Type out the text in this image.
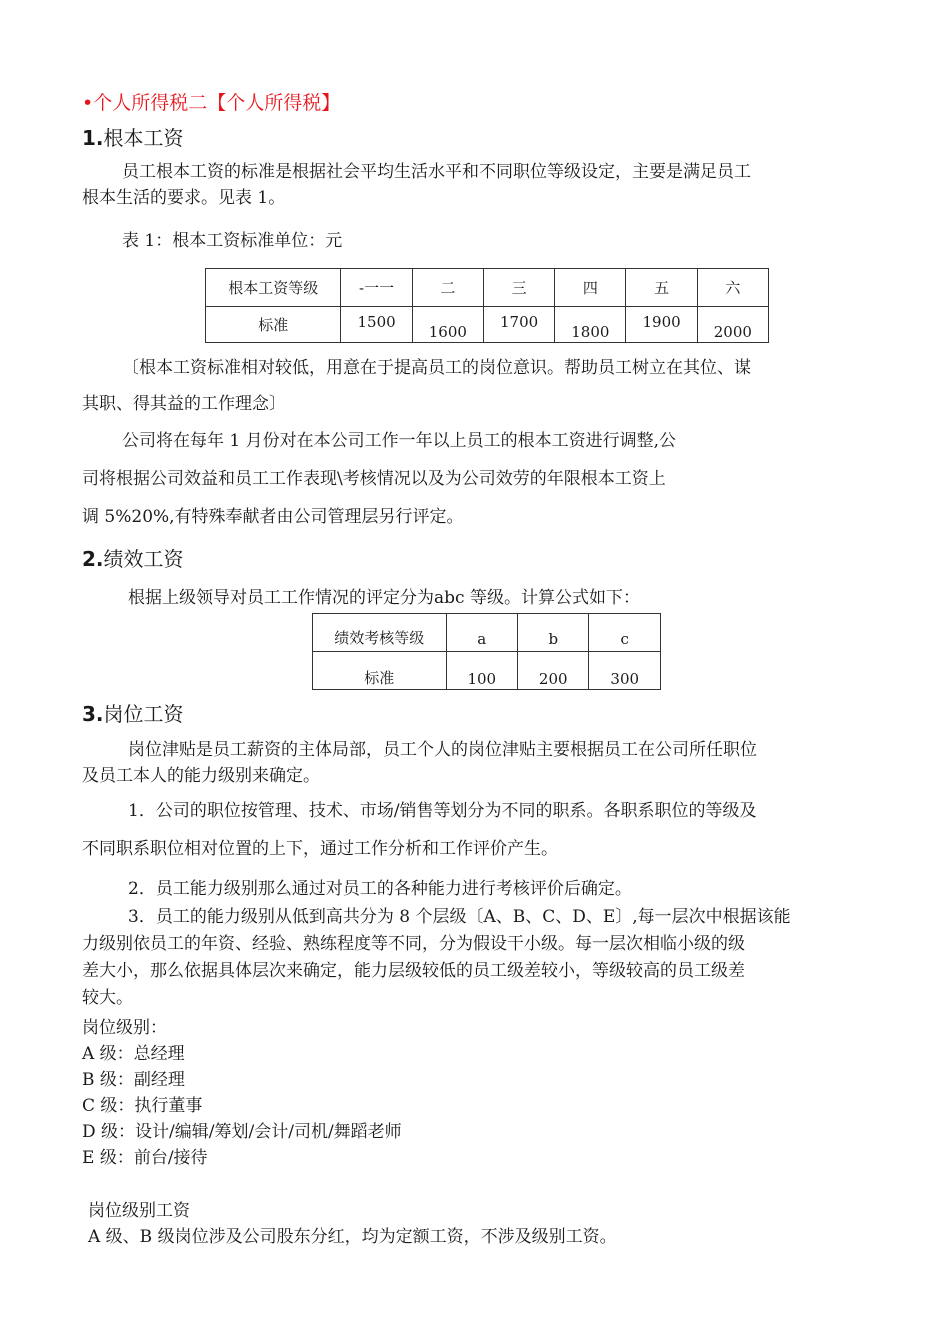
•个人所得税二【个人所得税】
1.根本工资
员工根本工资的标准是根据社会平均生活水平和不同职位等级设定，主要是满足员工
根本生活的要求。见表 1。
表 1：根本工资标准单位：元
根本工资等级	-一一	二	三	四	五	六
标准	1500	1600	1700	1800	1900	2000
〔根本工资标准相对较低，用意在于提高员工的岗位意识。帮助员工树立在其位、谋
其职、得其益的工作理念〕
公司将在每年 1 月份对在本公司工作一年以上员工的根本工资进行调整,公
司将根据公司效益和员工工作表现\考核情况以及为公司效劳的年限根本工资上
调 5%20%,有特殊奉献者由公司管理层另行评定。
2.绩效工资
根据上级领导对员工工作情况的评定分为abc 等级。计算公式如下：
绩效考核等级	a	b	c
标准	100	200	300
3.岗位工资
岗位津贴是员工薪资的主体局部，员工个人的岗位津贴主要根据员工在公司所任职位
及员工本人的能力级别来确定。
1．公司的职位按管理、技术、市场/销售等划分为不同的职系。各职系职位的等级及
不同职系职位相对位置的上下，通过工作分析和工作评价产生。
2．员工能力级别那么通过对员工的各种能力进行考核评价后确定。
3．员工的能力级别从低到高共分为 8 个层级〔A、B、C、D、E〕,每一层次中根据该能
力级别依员工的年资、经验、熟练程度等不同，分为假设干小级。每一层次相临小级的级
差大小，那么依据具体层次来确定，能力层级较低的员工级差较小，等级较高的员工级差
较大。
岗位级别：
A 级：总经理
B 级：副经理
C 级：执行董事
D 级：设计/编辑/筹划/会计/司机/舞蹈老师
E 级：前台/接待
岗位级别工资
A 级、B 级岗位涉及公司股东分红，均为定额工资，不涉及级别工资。
